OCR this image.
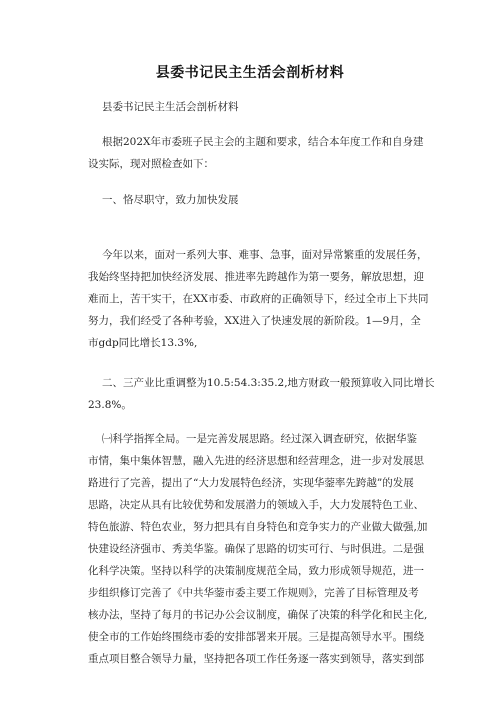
县委书记民主生活会剖析材料
县委书记民主生活会剖析材料
根据202X年市委班子民主会的主题和要求，结合本年度工作和自身建
设实际，现对照检查如下：
一、恪尽职守，致力加快发展
今年以来，面对一系列大事、难事、急事，面对异常繁重的发展任务，
我始终坚持把加快经济发展、推进率先跨越作为第一要务，解放思想，迎
难而上，苦干实干，在XX市委、市政府的正确领导下，经过全市上下共同
努力，我们经受了各种考验，XX进入了快速发展的新阶段。1—9月，全
市gdp同比增长13.3%,
二、三产业比重调整为10.5:54.3:35.2,地方财政一般预算收入同比增长
23.8%。
㈠科学指挥全局。一是完善发展思路。经过深入调查研究，依据华鉴
市情，集中集体智慧，融入先进的经济思想和经营理念，进一步对发展思
路进行了完善，提出了“大力发展特色经济，实现华蓥率先跨越”的发展
思路，决定从具有比较优势和发展潜力的领域入手，大力发展特色工业、
特色旅游、特色农业，努力把具有自身特色和竞争实力的产业做大做强,加
快建设经济强市、秀美华鉴。确保了思路的切实可行、与时俱进。二是强
化科学决策。坚持以科学的决策制度规范全局，致力形成领导规范，进一
步组织修订完善了《中共华蓥市委主要工作规则》，完善了目标管理及考
核办法，坚持了每月的书记办公会议制度，确保了决策的科学化和民主化,
使全市的工作始终围绕市委的安排部署来开展。三是提高领导水平。围绕
重点项目整合领导力量，坚持把各项工作任务逐一落实到领导，落实到部
